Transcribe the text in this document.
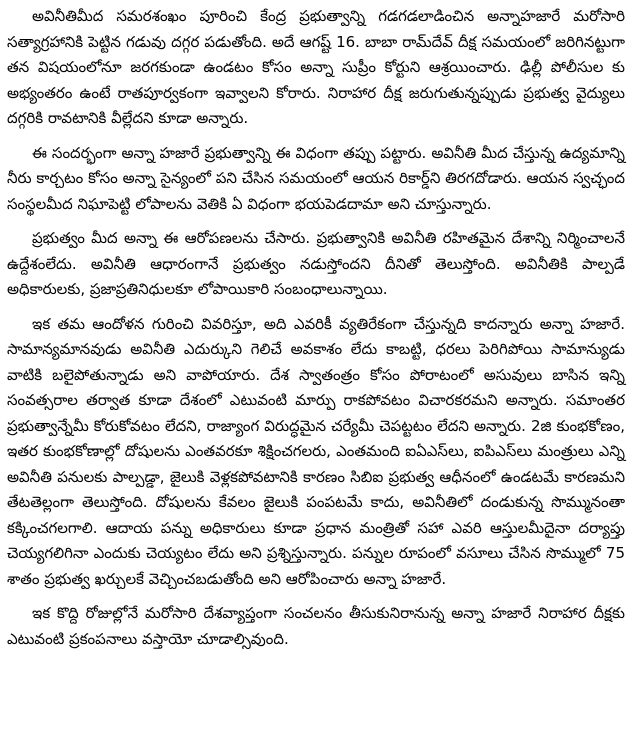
అవినీతిమీద సమరశంఖం పూరించి కేంద్ర ప్రభుత్వాన్ని గడగడలాడించిన అన్నాహజారే మరోసారి సత్యాగ్రహానికి పెట్టిన గడువు దగ్గర పడుతోంది. అదే ఆగష్ట్ 16. బాబా రామ్‌దేవ్ దీక్ష సమయంలో జరిగినట్టుగా తన విషయంలోనూ జరగకుండా ఉండటం కోసం అన్నా సుప్రీం కోర్టుని ఆశ్రయించారు. ఢిల్లీ పోలీసుల కు అభ్యంతరం ఉంటే రాతపూర్వకంగా ఇవ్వాలని కోరారు. నిరాహార దీక్ష జరుగుతున్నప్పుడు ప్రభుత్వ వైద్యులు దగ్గరికి రావటానికి వీల్లేదని కూడా అన్నారు.

ఈ సందర్భంగా అన్నా హజారే ప్రభుత్వాన్ని ఈ విధంగా తప్పు పట్టారు. అవినీతి మీద చేస్తున్న ఉద్యమాన్ని నీరు కార్చటం కోసం అన్నా సైన్యంలో పని చేసిన సమయంలో ఆయన రికార్డ్‌ని తిరగదోడారు. ఆయన స్వచ్ఛంద సంస్థలమీద నిఘాపెట్టి లోపాలను వెతికి ఏ విధంగా భయపెడదామా అని చూస్తున్నారు.

ప్రభుత్వం మీద అన్నా ఈ ఆరోపణలను చేసారు. ప్రభుత్వానికి అవినీతి రహితమైన దేశాన్ని నిర్మించాలనే ఉద్దేశంలేదు. అవినీతి ఆధారంగానే ప్రభుత్వం నడుస్తోందని దీనితో తెలుస్తోంది. అవినీతికి పాల్పడే అధికారులకు, ప్రజాప్రతినిధులకూ లోపాయికారి సంబంధాలున్నాయి.

ఇక తమ ఆందోళన గురించి వివరిస్తూ, అది ఎవరికీ వ్యతిరేకంగా చేస్తున్నది కాదన్నారు అన్నా హజారే. సామాన్యమానవుడు అవినీతి ఎదుర్కుని గెలిచే అవకాశం లేదు కాబట్టి, ధరలు పెరిగిపోయి సామాన్యుడు వాటికి బలైపోతున్నాడు అని వాపోయారు. దేశ స్వాతంత్రం కోసం పోరాటంలో అసువులు బాసిన ఇన్ని సంవత్సరాల తర్వాత కూడా దేశంలో ఎటువంటి మార్పు రాకపోవటం విచారకరమని అన్నారు. సమాంతర ప్రభుత్వాన్నేమీ కోరుకోవటం లేదని, రాజ్యాంగ విరుద్ధమైన చర్యేమీ చెపట్టటం లేదని అన్నారు. 2జి కుంభకోణం, ఇతర కుంభకోణాల్లో దోషులను ఎంతవరకూ శిక్షించగలరు, ఎంతమంది ఐఏఎస్‌లు, ఐపిఎస్‌లు మంత్రులు ఎన్ని అవినీతి పనులకు పాల్పడ్డా, జైలుకి వెళ్లకపోవటానికి కారణం సిబిఐ ప్రభుత్వ ఆధీనంలో ఉండటమే కారణమని తేటతెల్లంగా తెలుస్తోంది. దోషులను కేవలం జైలుకి పంపటమే కాదు, అవినీతిలో దండుకున్న సొమ్మునంతా కక్కించగలగాలి. ఆదాయ పన్ను అధికారులు కూడా ప్రధాన మంత్రితో సహా ఎవరి ఆస్తులమీదైనా దర్యాప్తు చెయ్యగలిగినా ఎందుకు చెయ్యటం లేదు అని ప్రశ్నిస్తున్నారు. పన్నుల రూపంలో వసూలు చేసిన సొమ్ములో 75 శాతం ప్రభుత్వ ఖర్చులకే వెచ్చించబడుతోంది అని ఆరోపించారు అన్నా హజారే.

ఇక కొద్ది రోజుల్లోనే మరోసారి దేశవ్యాప్తంగా సంచలనం తీసుకునిరానున్న అన్నా హజారే నిరాహార దీక్షకు ఎటువంటి ప్రకంపనాలు వస్తాయో చూడాల్సివుంది.
